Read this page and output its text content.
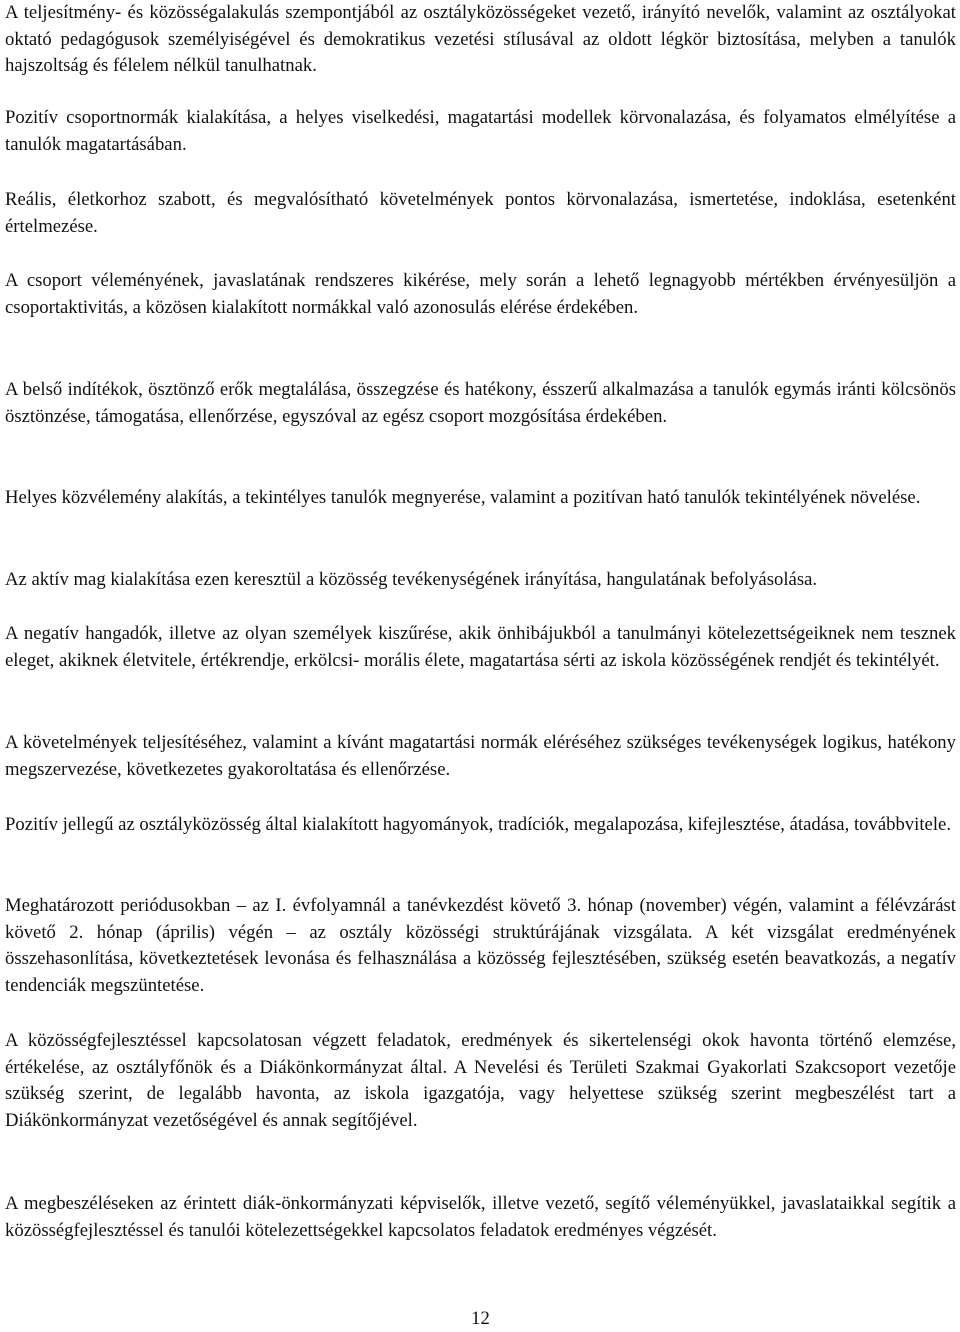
A teljesítmény- és közösségalakulás szempontjából az osztályközösségeket vezető, irányító nevelők, valamint az osztályokat oktató pedagógusok személyiségével és demokratikus vezetési stílusával az oldott légkör biztosítása, melyben a tanulók hajszoltság és félelem nélkül tanulhatnak.

Pozitív csoportnormák kialakítása, a helyes viselkedési, magatartási modellek körvonalazása, és folyamatos elmélyítése a tanulók magatartásában.

Reális, életkorhoz szabott, és megvalósítható követelmények pontos körvonalazása, ismertetése, indoklása, esetenként értelmezése.

A csoport véleményének, javaslatának rendszeres kikérése, mely során a lehető legnagyobb mértékben érvényesüljön a csoportaktivitás, a közösen kialakított normákkal való azonosulás elérése érdekében.

A belső indítékok, ösztönző erők megtalálása, összegzése és hatékony, ésszerű alkalmazása a tanulók egymás iránti kölcsönös ösztönzése, támogatása, ellenőrzése, egyszóval az egész csoport mozgósítása érdekében.

Helyes közvélemény alakítás, a tekintélyes tanulók megnyerése, valamint a pozitívan ható tanulók tekintélyének növelése.

Az aktív mag kialakítása ezen keresztül a közösség tevékenységének irányítása, hangulatának befolyásolása.

A negatív hangadók, illetve az olyan személyek kiszűrése, akik önhibájukból a tanulmányi kötelezettségeiknek nem tesznek eleget, akiknek életvitele, értékrendje, erkölcsi- morális élete, magatartása sérti az iskola közösségének rendjét és tekintélyét.

A követelmények teljesítéséhez, valamint a kívánt magatartási normák eléréséhez szükséges tevékenységek logikus, hatékony megszervezése, következetes gyakoroltatása és ellenőrzése.

Pozitív jellegű az osztályközösség által kialakított hagyományok, tradíciók, megalapozása, kifejlesztése, átadása, továbbvitele.

Meghatározott periódusokban – az I. évfolyamnál a tanévkezdést követő 3. hónap (november) végén, valamint a félévzárást követő 2. hónap (április) végén – az osztály közösségi struktúrájának vizsgálata. A két vizsgálat eredményének összehasonlítása, következtetések levonása és felhasználása a közösség fejlesztésében, szükség esetén beavatkozás, a negatív tendenciák megszüntetése.

A közösségfejlesztéssel kapcsolatosan végzett feladatok, eredmények és sikertelenségi okok havonta történő elemzése, értékelése, az osztályfőnök és a Diákönkormányzat által. A Nevelési és Területi Szakmai Gyakorlati Szakcsoport vezetője szükség szerint, de legalább havonta, az iskola igazgatója, vagy helyettese szükség szerint megbeszélést tart a Diákönkormányzat vezetőségével és annak segítőjével.

A megbeszéléseken az érintett diák-önkormányzati képviselők, illetve vezető, segítő véleményükkel, javaslataikkal segítik a közösségfejlesztéssel és tanulói kötelezettségekkel kapcsolatos feladatok eredményes végzését.

12
